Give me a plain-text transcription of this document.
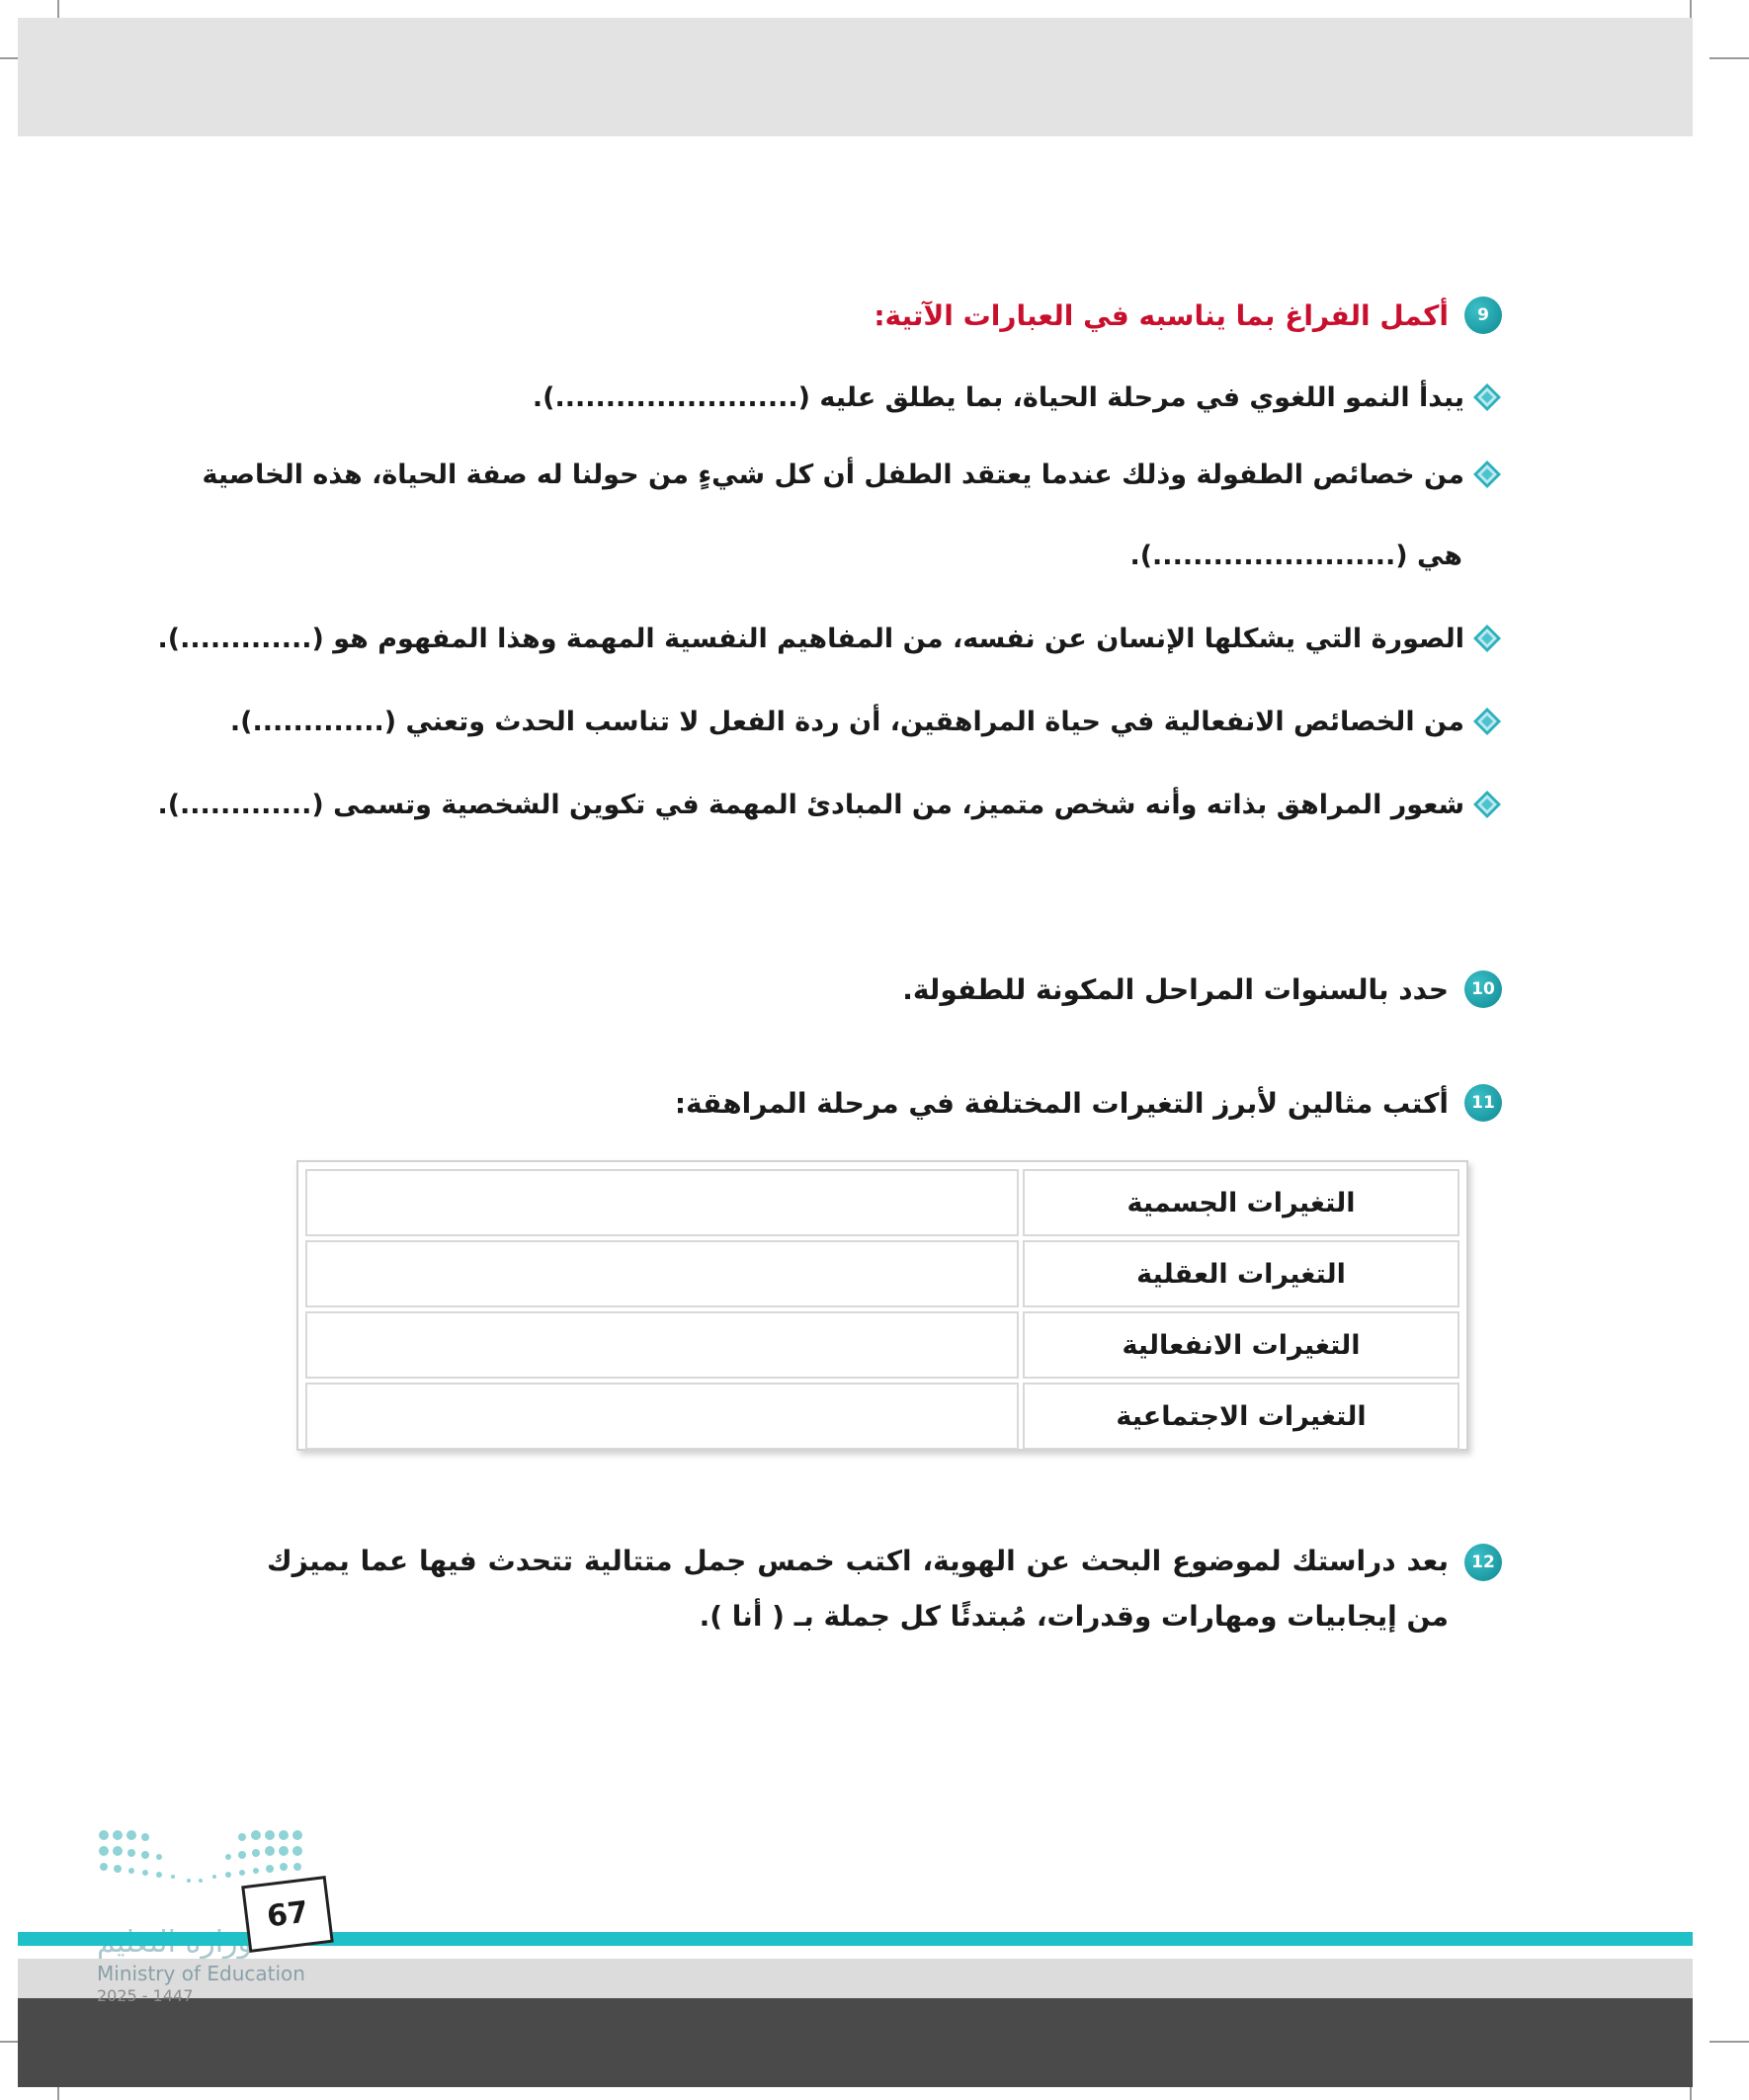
9
أكمل الفراغ بما يناسبه في العبارات الآتية:
يبدأ النمو اللغوي في مرحلة الحياة، بما يطلق عليه (........................).
من خصائص الطفولة وذلك عندما يعتقد الطفل أن كل شيءٍ من حولنا له صفة الحياة، هذه الخاصية
هي (........................).
الصورة التي يشكلها الإنسان عن نفسه، من المفاهيم النفسية المهمة وهذا المفهوم هو (.............).
من الخصائص الانفعالية في حياة المراهقين، أن ردة الفعل لا تناسب الحدث وتعني (.............).
شعور المراهق بذاته وأنه شخص متميز، من المبادئ المهمة في تكوين الشخصية وتسمى (.............).
10
حدد بالسنوات المراحل المكونة للطفولة.
11
أكتب مثالين لأبرز التغيرات المختلفة في مرحلة المراهقة:
	التغيرات الجسمية
	التغيرات العقلية
	التغيرات الانفعالية
	التغيرات الاجتماعية
12
بعد دراستك لموضوع البحث عن الهوية، اكتب خمس جمل متتالية تتحدث فيها عما يميزك من إيجابيات ومهارات وقدرات، مُبتدئًا كل جملة بـ ( أنا ).
Ministry of Education
2025 - 1447
67
